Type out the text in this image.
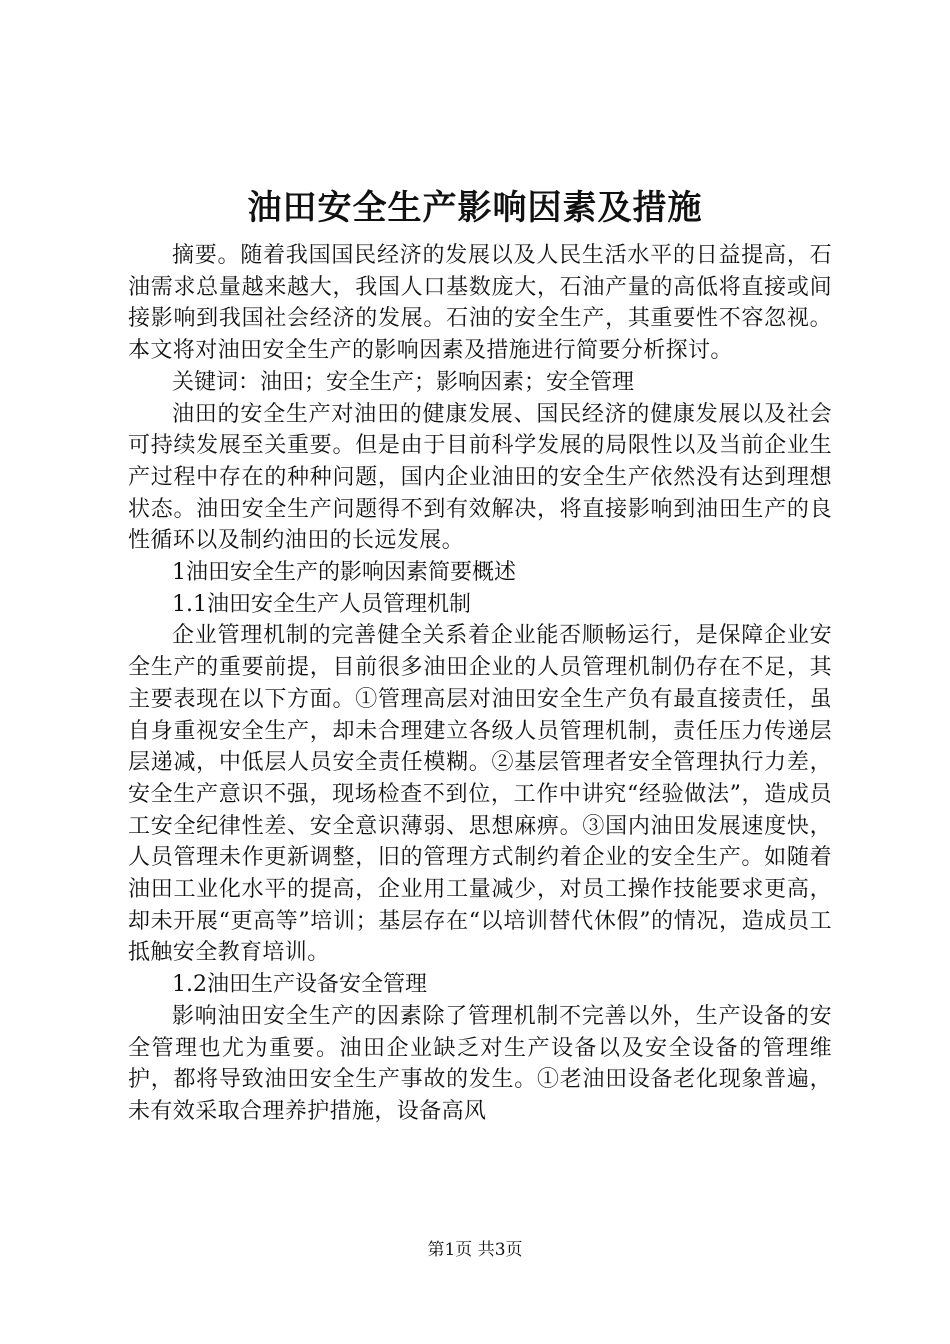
油田安全生产影响因素及措施

摘要。随着我国国民经济的发展以及人民生活水平的日益提高，石油需求总量越来越大，我国人口基数庞大，石油产量的高低将直接或间接影响到我国社会经济的发展。石油的安全生产，其重要性不容忽视。本文将对油田安全生产的影响因素及措施进行简要分析探讨。

关键词：油田；安全生产；影响因素；安全管理

油田的安全生产对油田的健康发展、国民经济的健康发展以及社会可持续发展至关重要。但是由于目前科学发展的局限性以及当前企业生产过程中存在的种种问题，国内企业油田的安全生产依然没有达到理想状态。油田安全生产问题得不到有效解决，将直接影响到油田生产的良性循环以及制约油田的长远发展。

1油田安全生产的影响因素简要概述

1.1油田安全生产人员管理机制

企业管理机制的完善健全关系着企业能否顺畅运行，是保障企业安全生产的重要前提，目前很多油田企业的人员管理机制仍存在不足，其主要表现在以下方面。①管理高层对油田安全生产负有最直接责任，虽自身重视安全生产，却未合理建立各级人员管理机制，责任压力传递层层递减，中低层人员安全责任模糊。②基层管理者安全管理执行力差，安全生产意识不强，现场检查不到位，工作中讲究“经验做法”，造成员工安全纪律性差、安全意识薄弱、思想麻痹。③国内油田发展速度快，人员管理未作更新调整，旧的管理方式制约着企业的安全生产。如随着油田工业化水平的提高，企业用工量减少，对员工操作技能要求更高，却未开展“更高等”培训；基层存在“以培训替代休假”的情况，造成员工抵触安全教育培训。

1.2油田生产设备安全管理

影响油田安全生产的因素除了管理机制不完善以外，生产设备的安全管理也尤为重要。油田企业缺乏对生产设备以及安全设备的管理维护，都将导致油田安全生产事故的发生。①老油田设备老化现象普遍，未有效采取合理养护措施，设备高风

第1页 共3页
